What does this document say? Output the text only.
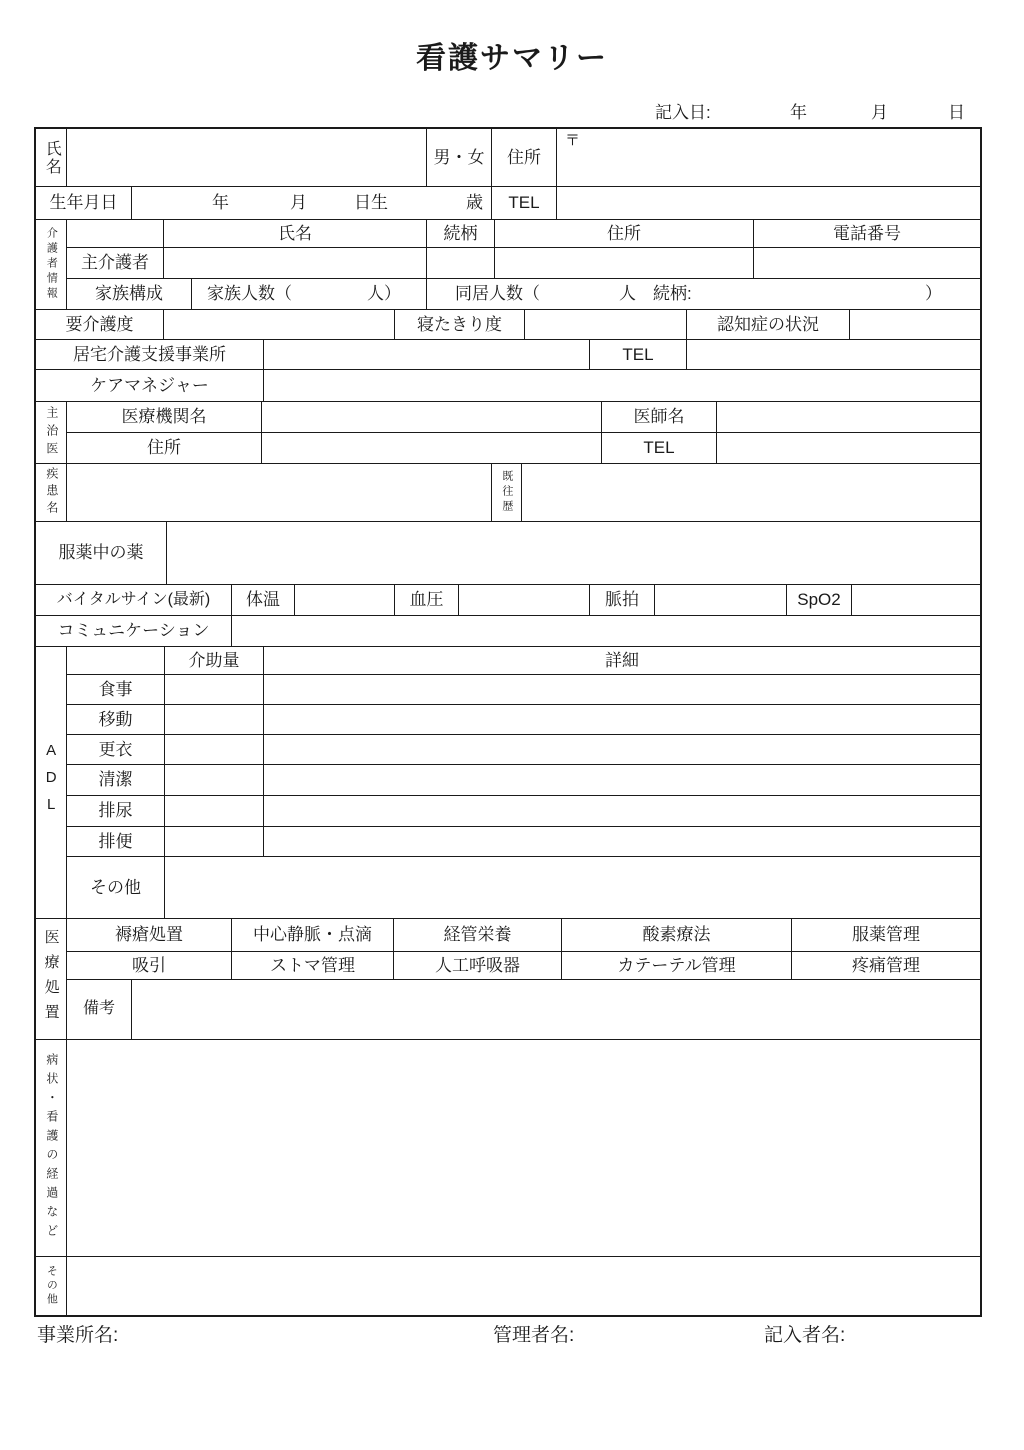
看護サマリー
記入日:	年	月	日
氏名	男・女	住所
〒
生年月日	年	月	日生	歳	TEL
介護者情報	氏名	続柄	住所	電話番号
主介護者
家族構成	家族人数（	人）	同居人数（	人　続柄:	）
要介護度	寝たきり度	認知症の状況
居宅介護支援事業所	TEL
ケアマネジャー
主治医	医療機関名	医師名
住所	TEL
疾患名	既往歴
服薬中の薬
バイタルサイン(最新)	体温	血圧	脈拍	SpO2
コミュニケーション
ADL
介助量	詳細
食事
移動
更衣
清潔
排尿
排便
その他
医療処置	褥瘡処置	中心静脈・点滴	経管栄養	酸素療法	服薬管理
吸引	ストマ管理	人工呼吸器	カテーテル管理	疼痛管理
備考
病状・看護の経過など
その他
事業所名:	管理者名:	記入者名:
